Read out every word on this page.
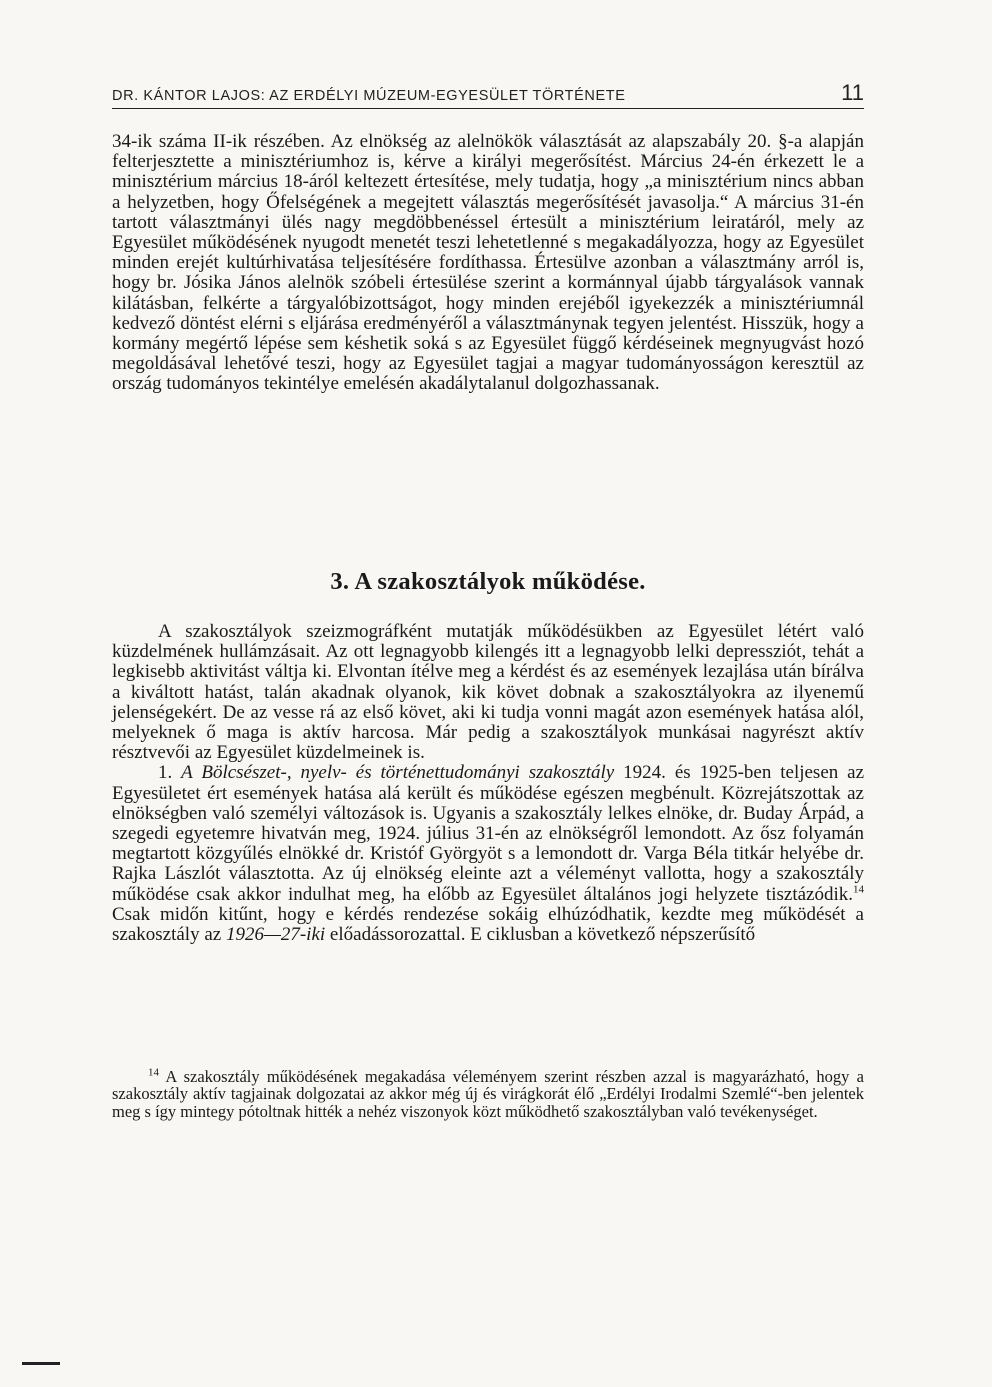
DR. KÁNTOR LAJOS: AZ ERDÉLYI MÚZEUM-EGYESÜLET TÖRTÉNETE	11

34-ik száma II-ik részében. Az elnökség az alelnökök választását az alapszabály 20. §-a alapján felterjesztette a minisztériumhoz is, kérve a királyi megerősítést. Március 24-én érkezett le a minisztérium március 18-áról keltezett értesítése, mely tudatja, hogy „a minisztérium nincs abban a helyzetben, hogy Őfelségének a megejtett választás megerősítését javasolja.“ A március 31-én tartott választmányi ülés nagy megdöbbenéssel értesült a minisztérium leiratáról, mely az Egyesület működésének nyugodt menetét teszi lehetetlenné s megakadályozza, hogy az Egyesület minden erejét kultúrhivatása teljesítésére fordíthassa. Értesülve azonban a választmány arról is, hogy br. Jósika János alelnök szóbeli értesülése szerint a kormánnyal újabb tárgyalások vannak kilátásban, felkérte a tárgyalóbizottságot, hogy minden erejéből igyekezzék a minisztériumnál kedvező döntést elérni s eljárása eredményéről a választmánynak tegyen jelentést. Hisszük, hogy a kormány megértő lépése sem késhetik soká s az Egyesület függő kérdéseinek megnyugvást hozó megoldásával lehetővé teszi, hogy az Egyesület tagjai a magyar tudományosságon keresztül az ország tudományos tekintélye emelésén akadálytalanul dolgozhassanak.

3. A szakosztályok működése.

A szakosztályok szeizmográfként mutatják működésükben az Egyesület létért való küzdelmének hullámzásait. Az ott legnagyobb kilengés itt a legnagyobb lelki depressziót, tehát a legkisebb aktivitást váltja ki. Elvontan ítélve meg a kérdést és az események lezajlása után bírálva a kiváltott hatást, talán akadnak olyanok, kik követ dobnak a szakosztályokra az ilyenemű jelenségekért. De az vesse rá az első követ, aki ki tudja vonni magát azon események hatása alól, melyeknek ő maga is aktív harcosa. Már pedig a szakosztályok munkásai nagyrészt aktív résztvevői az Egyesület küzdelmeinek is.

1. A Bölcsészet-, nyelv- és történettudományi szakosztály 1924. és 1925-ben teljesen az Egyesületet ért események hatása alá került és működése egészen megbénult. Közrejátszottak az elnökségben való személyi változások is. Ugyanis a szakosztály lelkes elnöke, dr. Buday Árpád, a szegedi egyetemre hivatván meg, 1924. július 31-én az elnökségről lemondott. Az ősz folyamán megtartott közgyűlés elnökké dr. Kristóf Györgyöt s a lemondott dr. Varga Béla titkár helyébe dr. Rajka Lászlót választotta. Az új elnökség eleinte azt a véleményt vallotta, hogy a szakosztály működése csak akkor indulhat meg, ha előbb az Egyesület általános jogi helyzete tisztázódik.$^{14}$ Csak midőn kitűnt, hogy e kérdés rendezése sokáig elhúzódhatik, kezdte meg működését a szakosztály az 1926—27-iki előadássorozattal. E ciklusban a következő népszerűsítő

$^{14}$ A szakosztály működésének megakadása véleményem szerint részben azzal is magyarázható, hogy a szakosztály aktív tagjainak dolgozatai az akkor még új és virágkorát élő „Erdélyi Irodalmi Szemlé“-ben jelentek meg s így mintegy pótoltnak hitték a nehéz viszonyok közt működhető szakosztályban való tevékenységet.
